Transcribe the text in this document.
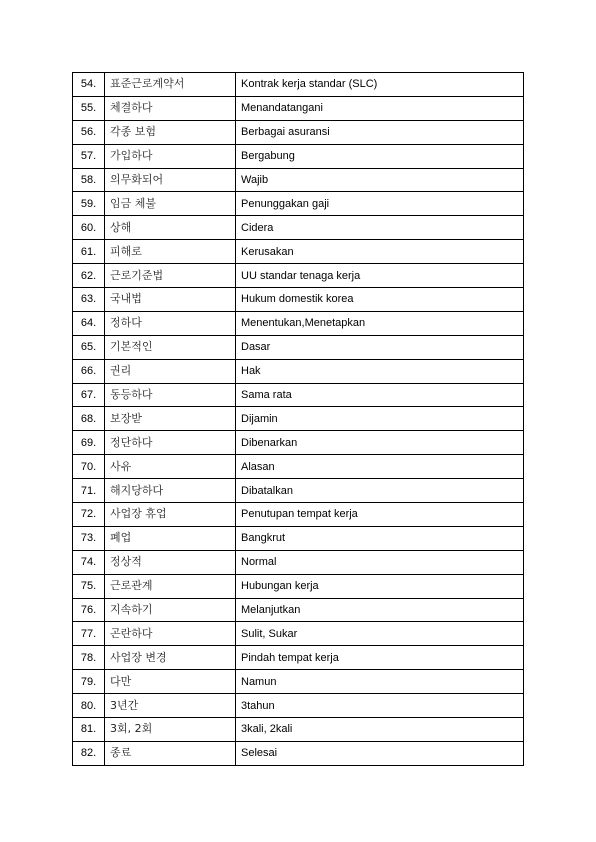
54.	표준근로계약서	Kontrak kerja standar (SLC)
55.	체결하다	Menandatangani
56.	각종 보험	Berbagai asuransi
57.	가입하다	Bergabung
58.	의무화되어	Wajib
59.	임금 체불	Penunggakan gaji
60.	상해	Cidera
61.	피해로	Kerusakan
62.	근로기준법	UU standar tenaga kerja
63.	국내법	Hukum domestik korea
64.	정하다	Menentukan,Menetapkan
65.	기본적인	Dasar
66.	권리	Hak
67.	동등하다	Sama rata
68.	보장받	Dijamin
69.	정단하다	Dibenarkan
70.	사유	Alasan
71.	해지당하다	Dibatalkan
72.	사업장 휴업	Penutupan tempat kerja
73.	폐업	Bangkrut
74.	정상적	Normal
75.	근로관계	Hubungan kerja
76.	지속하기	Melanjutkan
77.	곤란하다	Sulit, Sukar
78.	사업장 변경	Pindah tempat kerja
79.	다만	Namun
80.	3년간	3tahun
81.	3회, 2회	3kali, 2kali
82.	종료	Selesai
